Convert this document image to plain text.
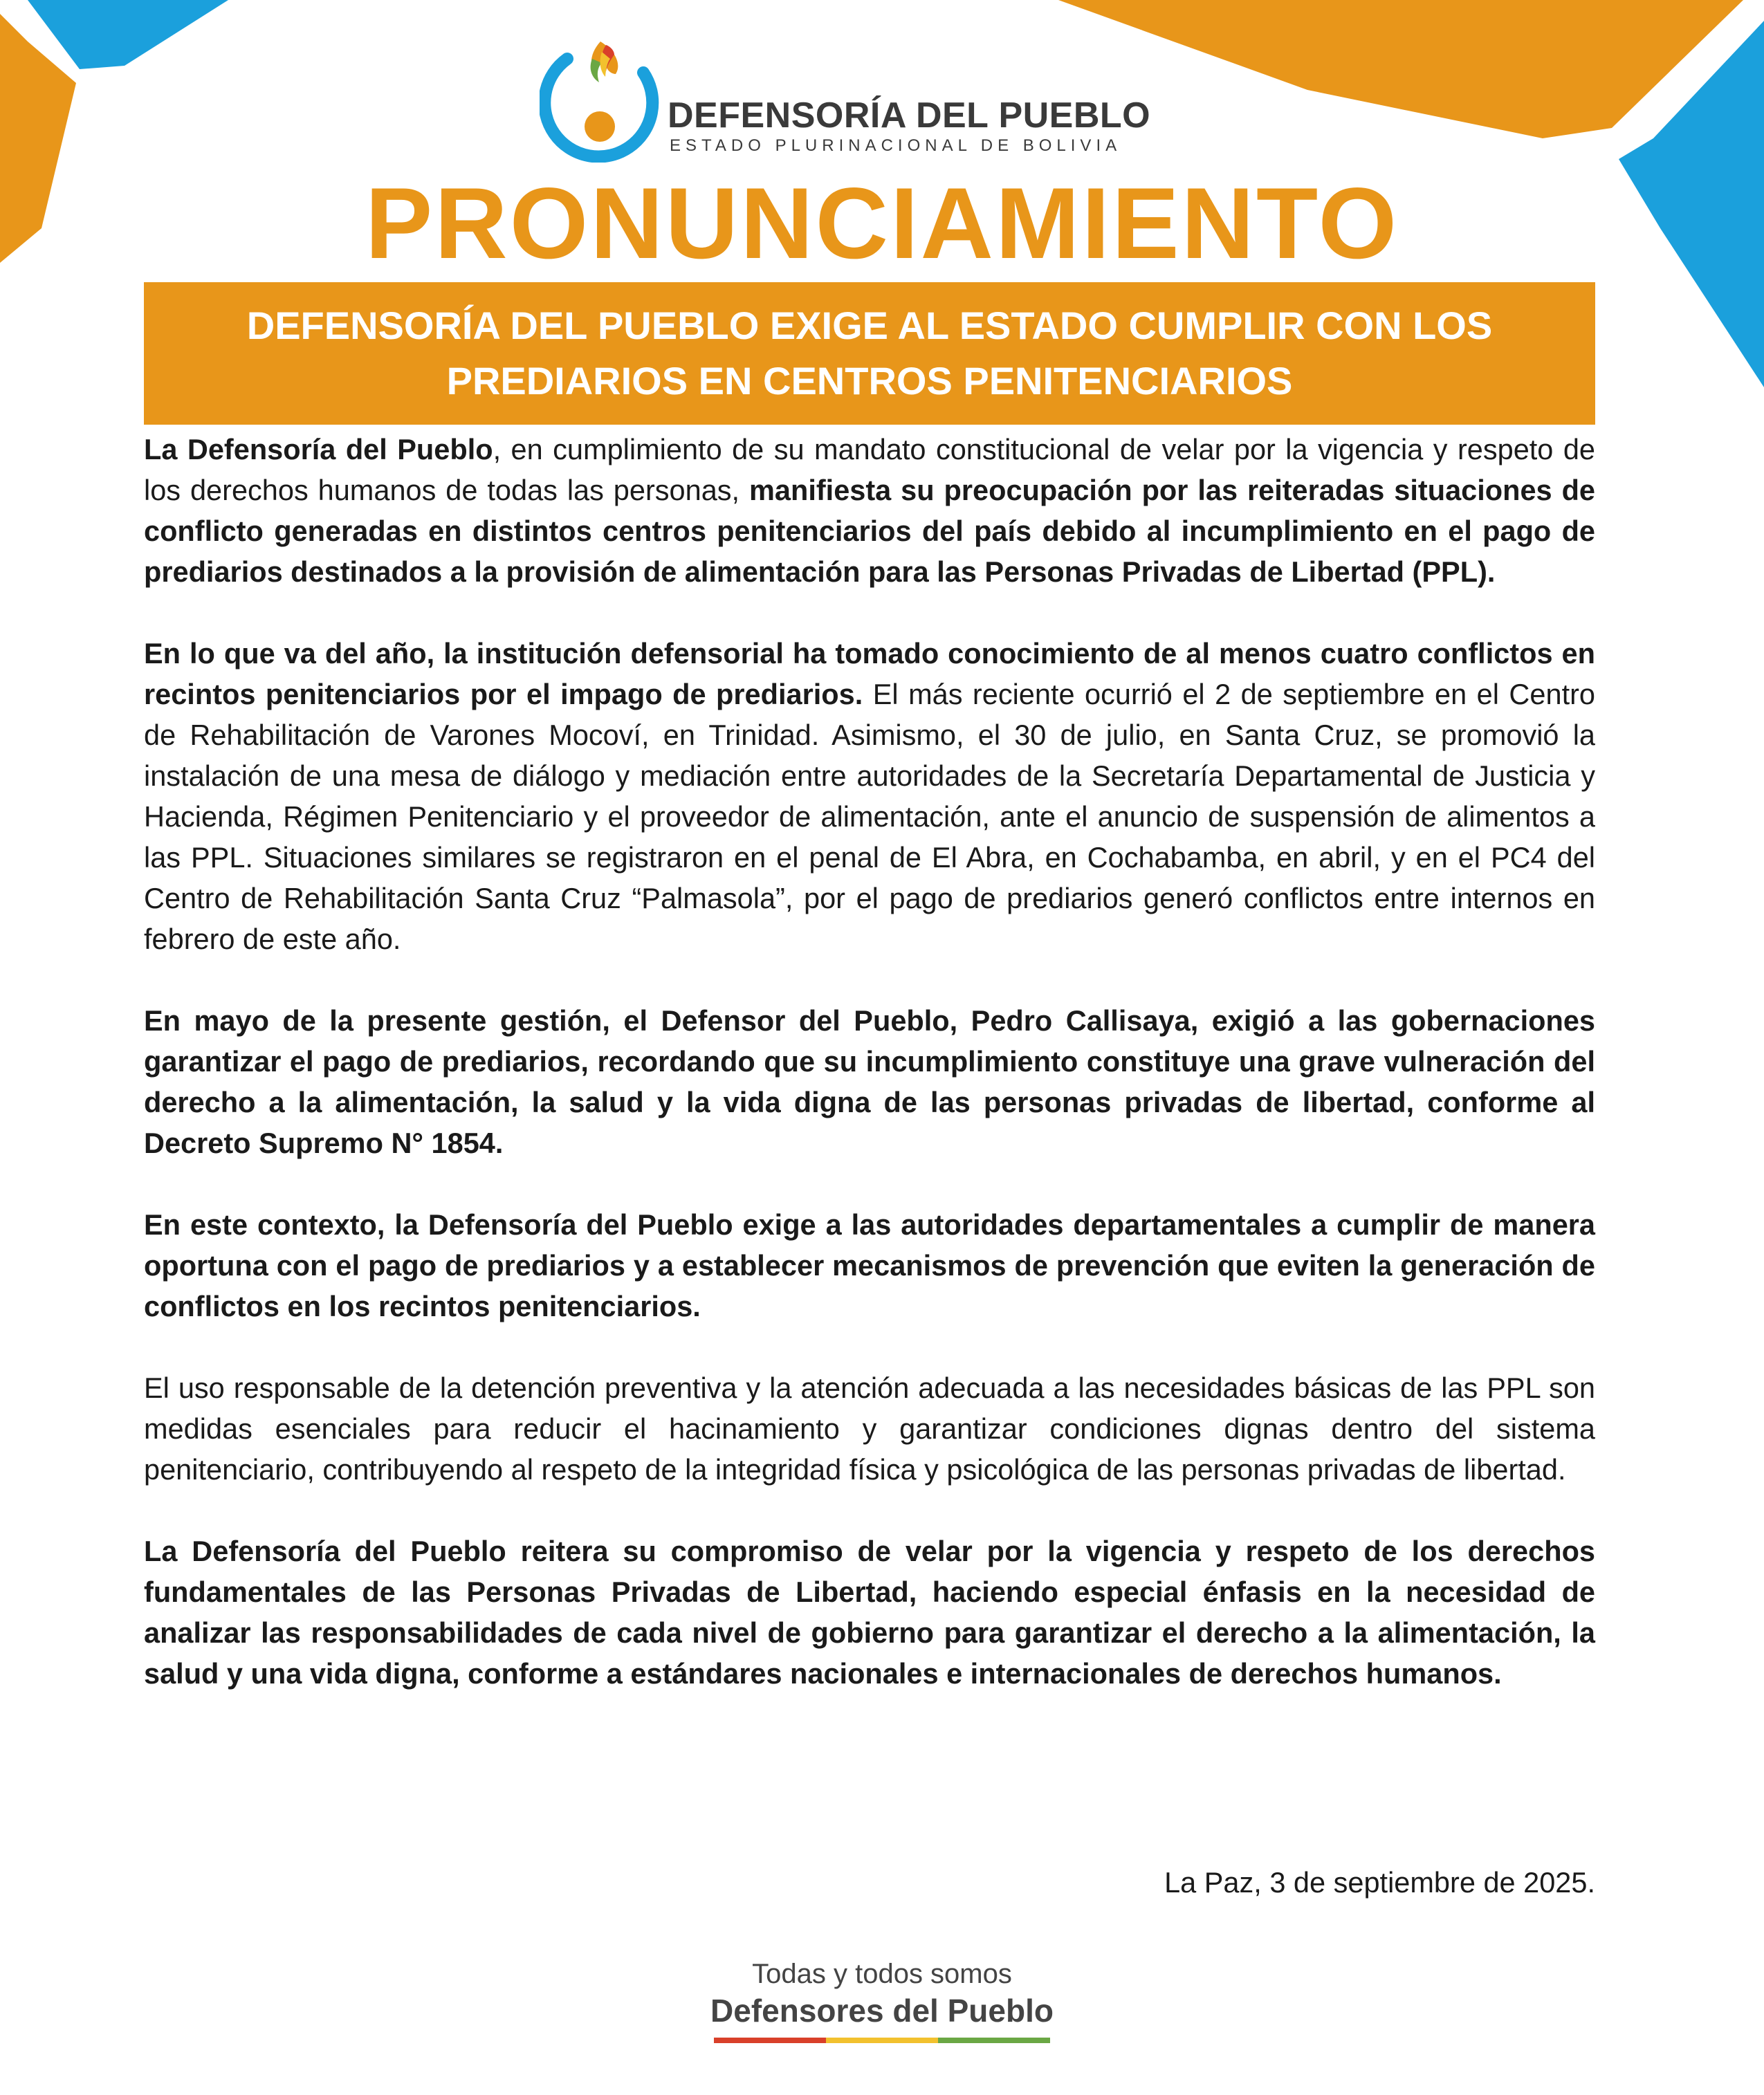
DEFENSORÍA DEL PUEBLO
ESTADO PLURINACIONAL DE BOLIVIA
PRONUNCIAMIENTO
DEFENSORÍA DEL PUEBLO EXIGE AL ESTADO CUMPLIR CON LOS
PREDIARIOS EN CENTROS PENITENCIARIOS

La Defensoría del Pueblo, en cumplimiento de su mandato constitucional de velar por la vigencia y respeto de los derechos humanos de todas las personas, manifiesta su preocupación por las reiteradas situaciones de conflicto generadas en distintos centros penitenciarios del país debido al incumplimiento en el pago de prediarios destinados a la provisión de alimentación para las Personas Privadas de Libertad (PPL).

En lo que va del año, la institución defensorial ha tomado conocimiento de al menos cuatro conflictos en recintos penitenciarios por el impago de prediarios. El más reciente ocurrió el 2 de septiembre en el Centro de Rehabilitación de Varones Mocoví, en Trinidad. Asimismo, el 30 de julio, en Santa Cruz, se promovió la instalación de una mesa de diálogo y mediación entre autoridades de la Secretaría Departamental de Justicia y Hacienda, Régimen Penitenciario y el proveedor de alimentación, ante el anuncio de suspensión de alimentos a las PPL. Situaciones similares se registraron en el penal de El Abra, en Cochabamba, en abril, y en el PC4 del Centro de Rehabilitación Santa Cruz “Palmasola”, por el pago de prediarios generó conflictos entre internos en febrero de este año.

En mayo de la presente gestión, el Defensor del Pueblo, Pedro Callisaya, exigió a las gobernaciones garantizar el pago de prediarios, recordando que su incumplimiento constituye una grave vulneración del derecho a la alimentación, la salud y la vida digna de las personas privadas de libertad, conforme al Decreto Supremo N° 1854.

En este contexto, la Defensoría del Pueblo exige a las autoridades departamentales a cumplir de manera oportuna con el pago de prediarios y a establecer mecanismos de prevención que eviten la generación de conflictos en los recintos penitenciarios.

El uso responsable de la detención preventiva y la atención adecuada a las necesidades básicas de las PPL son medidas esenciales para reducir el hacinamiento y garantizar condiciones dignas dentro del sistema penitenciario, contribuyendo al respeto de la integridad física y psicológica de las personas privadas de libertad.

La Defensoría del Pueblo reitera su compromiso de velar por la vigencia y respeto de los derechos fundamentales de las Personas Privadas de Libertad, haciendo especial énfasis en la necesidad de analizar las responsabilidades de cada nivel de gobierno para garantizar el derecho a la alimentación, la salud y una vida digna, conforme a estándares nacionales e internacionales de derechos humanos.

La Paz, 3 de septiembre de 2025.
Todas y todos somos
Defensores del Pueblo
